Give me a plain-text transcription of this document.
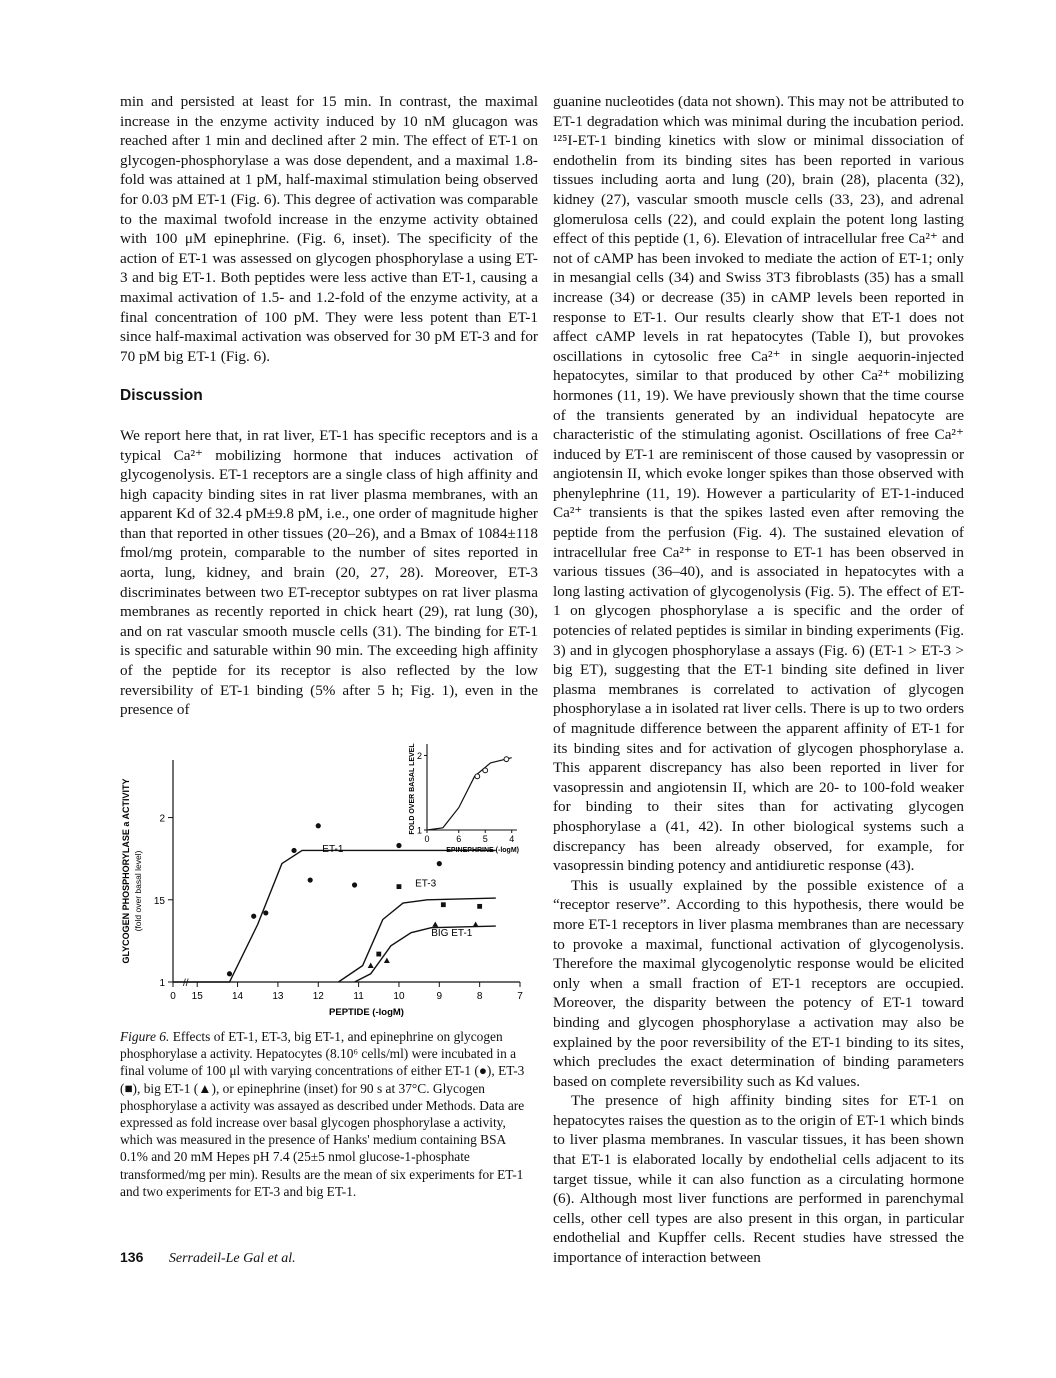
min and persisted at least for 15 min. In contrast, the maximal increase in the enzyme activity induced by 10 nM glucagon was reached after 1 min and declined after 2 min. The effect of ET-1 on glycogen-phosphorylase a was dose dependent, and a maximal 1.8-fold was attained at 1 pM, half-maximal stimulation being observed for 0.03 pM ET-1 (Fig. 6). This degree of activation was comparable to the maximal twofold increase in the enzyme activity obtained with 100 μM epinephrine. (Fig. 6, inset). The specificity of the action of ET-1 was assessed on glycogen phosphorylase a using ET-3 and big ET-1. Both peptides were less active than ET-1, causing a maximal activation of 1.5- and 1.2-fold of the enzyme activity, at a final concentration of 100 pM. They were less potent than ET-1 since half-maximal activation was observed for 30 pM ET-3 and for 70 pM big ET-1 (Fig. 6).

Discussion

We report here that, in rat liver, ET-1 has specific receptors and is a typical Ca²⁺ mobilizing hormone that induces activation of glycogenolysis. ET-1 receptors are a single class of high affinity and high capacity binding sites in rat liver plasma membranes, with an apparent Kd of 32.4 pM±9.8 pM, i.e., one order of magnitude higher than that reported in other tissues (20–26), and a Bmax of 1084±118 fmol/mg protein, comparable to the number of sites reported in aorta, lung, kidney, and brain (20, 27, 28). Moreover, ET-3 discriminates between two ET-receptor subtypes on rat liver plasma membranes as recently reported in chick heart (29), rat lung (30), and on rat vascular smooth muscle cells (31). The binding for ET-1 is specific and saturable within 90 min. The exceeding high affinity of the peptide for its receptor is also reflected by the low reversibility of ET-1 binding (5% after 5 h; Fig. 1), even in the presence of

guanine nucleotides (data not shown). This may not be attributed to ET-1 degradation which was minimal during the incubation period. ¹²⁵I-ET-1 binding kinetics with slow or minimal dissociation of endothelin from its binding sites has been reported in various tissues including aorta and lung (20), brain (28), placenta (32), kidney (27), vascular smooth muscle cells (33, 23), and adrenal glomerulosa cells (22), and could explain the potent long lasting effect of this peptide (1, 6). Elevation of intracellular free Ca²⁺ and not of cAMP has been invoked to mediate the action of ET-1; only in mesangial cells (34) and Swiss 3T3 fibroblasts (35) has a small increase (34) or decrease (35) in cAMP levels been reported in response to ET-1. Our results clearly show that ET-1 does not affect cAMP levels in rat hepatocytes (Table I), but provokes oscillations in cytosolic free Ca²⁺ in single aequorin-injected hepatocytes, similar to that produced by other Ca²⁺ mobilizing hormones (11, 19). We have previously shown that the time course of the transients generated by an individual hepatocyte are characteristic of the stimulating agonist. Oscillations of free Ca²⁺ induced by ET-1 are reminiscent of those caused by vasopressin or angiotensin II, which evoke longer spikes than those observed with phenylephrine (11, 19). However a particularity of ET-1-induced Ca²⁺ transients is that the spikes lasted even after removing the peptide from the perfusion (Fig. 4). The sustained elevation of intracellular free Ca²⁺ in response to ET-1 has been observed in various tissues (36–40), and is associated in hepatocytes with a long lasting activation of glycogenolysis (Fig. 5). The effect of ET-1 on glycogen phosphorylase a is specific and the order of potencies of related peptides is similar in binding experiments (Fig. 3) and in glycogen phosphorylase a assays (Fig. 6) (ET-1 > ET-3 > big ET), suggesting that the ET-1 binding site defined in liver plasma membranes is correlated to activation of glycogen phosphorylase a in isolated rat liver cells. There is up to two orders of magnitude difference between the apparent affinity of ET-1 for its binding sites and for activation of glycogen phosphorylase a. This apparent discrepancy has also been reported in liver for vasopressin and angiotensin II, which are 20- to 100-fold weaker for binding to their sites than for activating glycogen phosphorylase a (41, 42). In other biological systems such a discrepancy has been already observed, for example, for vasopressin binding potency and antidiuretic response (43).

This is usually explained by the possible existence of a “receptor reserve”. According to this hypothesis, there would be more ET-1 receptors in liver plasma membranes than are necessary to provoke a maximal, functional activation of glycogenolysis. Therefore the maximal glycogenolytic response would be elicited only when a small fraction of ET-1 receptors are occupied. Moreover, the disparity between the potency of ET-1 toward binding and glycogen phosphorylase a activation may also be explained by the poor reversibility of the ET-1 binding to its sites, which precludes the exact determination of binding parameters based on complete reversibility such as Kd values.

The presence of high affinity binding sites for ET-1 on hepatocytes raises the question as to the origin of ET-1 which binds to liver plasma membranes. In vascular tissues, it has been shown that ET-1 is elaborated locally by endothelial cells adjacent to its target tissue, while it can also function as a circulating hormone (6). Although most liver functions are performed in parenchymal cells, other cell types are also present in this organ, in particular endothelial and Kupffer cells. Recent studies have stressed the importance of interaction between

//
0 15	14	13	12	11	10	9	8	7
PEPTIDE (-logM)
1
15
2
GLYCOGEN PHOSPHORYLASE a ACTIVITY (fold over basal level)
ET-1
ET-3
BIG ET-1
0	6 5 4
EPINEPHRINE (-logM)
1
2
FOLD OVER BASAL LEVEL
Figure 6. Effects of ET-1, ET-3, big ET-1, and epinephrine on glycogen phosphorylase a activity. Hepatocytes (8.10⁶ cells/ml) were incubated in a final volume of 100 μl with varying concentrations of either ET-1 (●), ET-3 (■), big ET-1 (▲), or epinephrine (inset) for 90 s at 37°C. Glycogen phosphorylase a activity was assayed as described under Methods. Data are expressed as fold increase over basal glycogen phosphorylase a activity, which was measured in the presence of Hanks' medium containing BSA 0.1% and 20 mM Hepes pH 7.4 (25±5 nmol glucose-1-phosphate transformed/mg per min). Results are the mean of six experiments for ET-1 and two experiments for ET-3 and big ET-1.
136 Serradeil-Le Gal et al.
